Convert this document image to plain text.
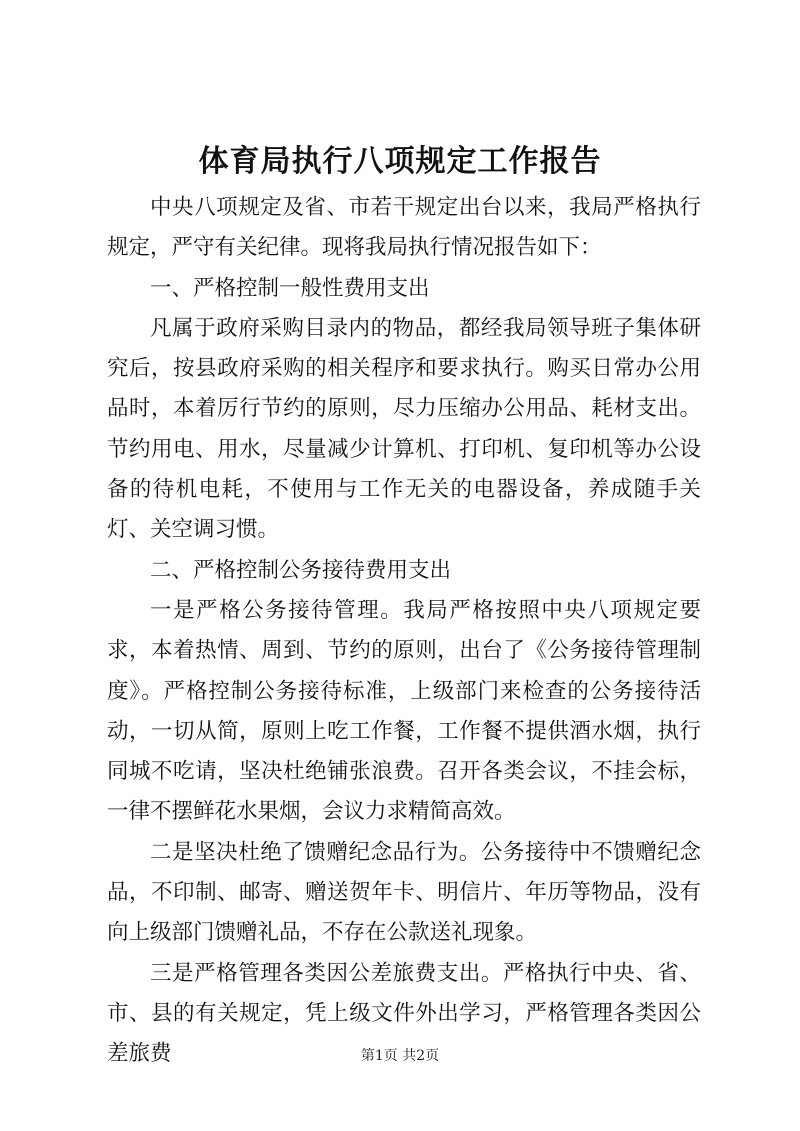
体育局执行八项规定工作报告

中央八项规定及省、市若干规定出台以来，我局严格执行规定，严守有关纪律。现将我局执行情况报告如下：

一、严格控制一般性费用支出

凡属于政府采购目录内的物品，都经我局领导班子集体研究后，按县政府采购的相关程序和要求执行。购买日常办公用品时，本着厉行节约的原则，尽力压缩办公用品、耗材支出。节约用电、用水，尽量减少计算机、打印机、复印机等办公设备的待机电耗，不使用与工作无关的电器设备，养成随手关灯、关空调习惯。

二、严格控制公务接待费用支出

一是严格公务接待管理。我局严格按照中央八项规定要求，本着热情、周到、节约的原则，出台了《公务接待管理制度》。严格控制公务接待标准，上级部门来检查的公务接待活动，一切从简，原则上吃工作餐，工作餐不提供酒水烟，执行同城不吃请，坚决杜绝铺张浪费。召开各类会议，不挂会标，一律不摆鲜花水果烟，会议力求精简高效。

二是坚决杜绝了馈赠纪念品行为。公务接待中不馈赠纪念品，不印制、邮寄、赠送贺年卡、明信片、年历等物品，没有向上级部门馈赠礼品，不存在公款送礼现象。

三是严格管理各类因公差旅费支出。严格执行中央、省、市、县的有关规定，凭上级文件外出学习，严格管理各类因公差旅费	第1页 共2页
